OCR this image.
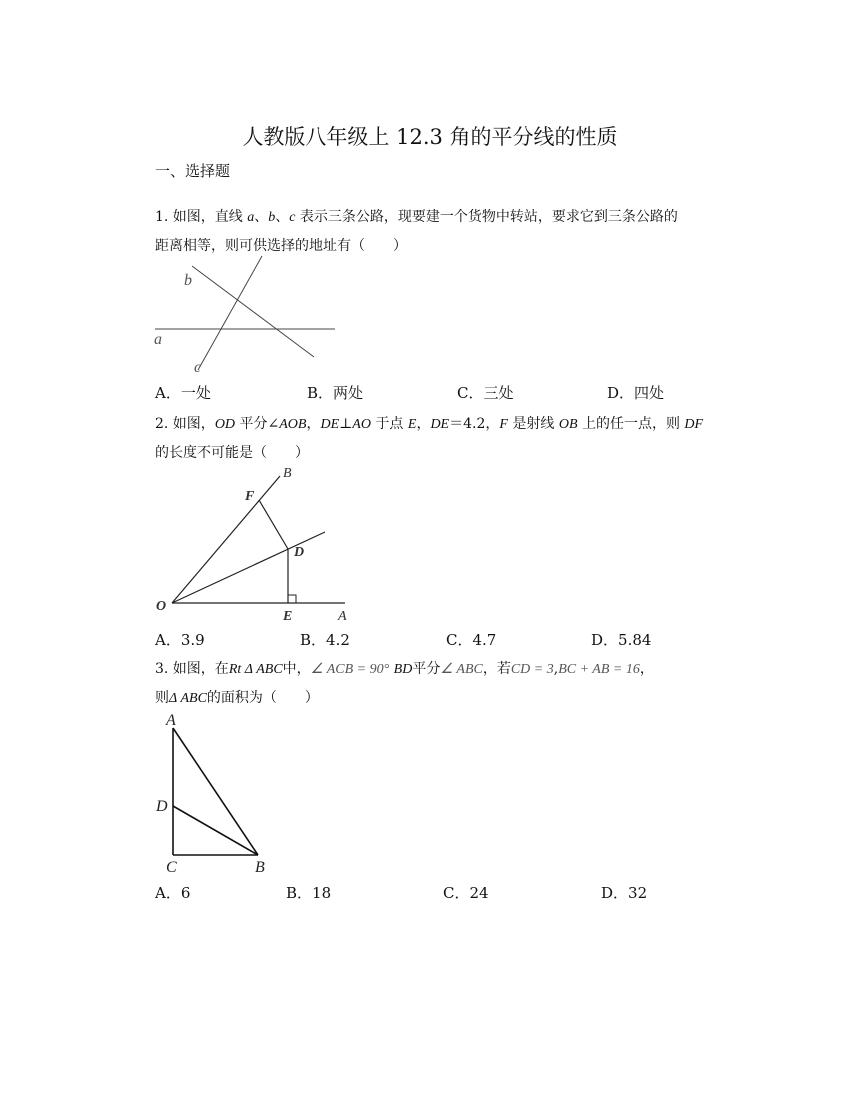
人教版八年级上 12.3 角的平分线的性质
一、选择题
1. 如图，直线 a、b、c 表示三条公路，现要建一个货物中转站，要求它到三条公路的
距离相等，则可供选择的地址有（　　）
a
b
c
A．一处	B．两处	C．三处	D．四处
2. 如图，OD 平分∠AOB，DE⊥AO 于点 E，DE＝4.2，F 是射线 OB 上的任一点，则 DF
的长度不可能是（　　）
O
E	A
D
F
B
A．3.9	B．4.2	C．4.7	D．5.84
3. 如图，在Rt Δ ABC中，∠ ACB = 90° BD平分∠ ABC，若CD = 3,BC + AB = 16，
则Δ ABC的面积为（　　）
A
D
C	B
A．6	B．18	C．24	D．32
